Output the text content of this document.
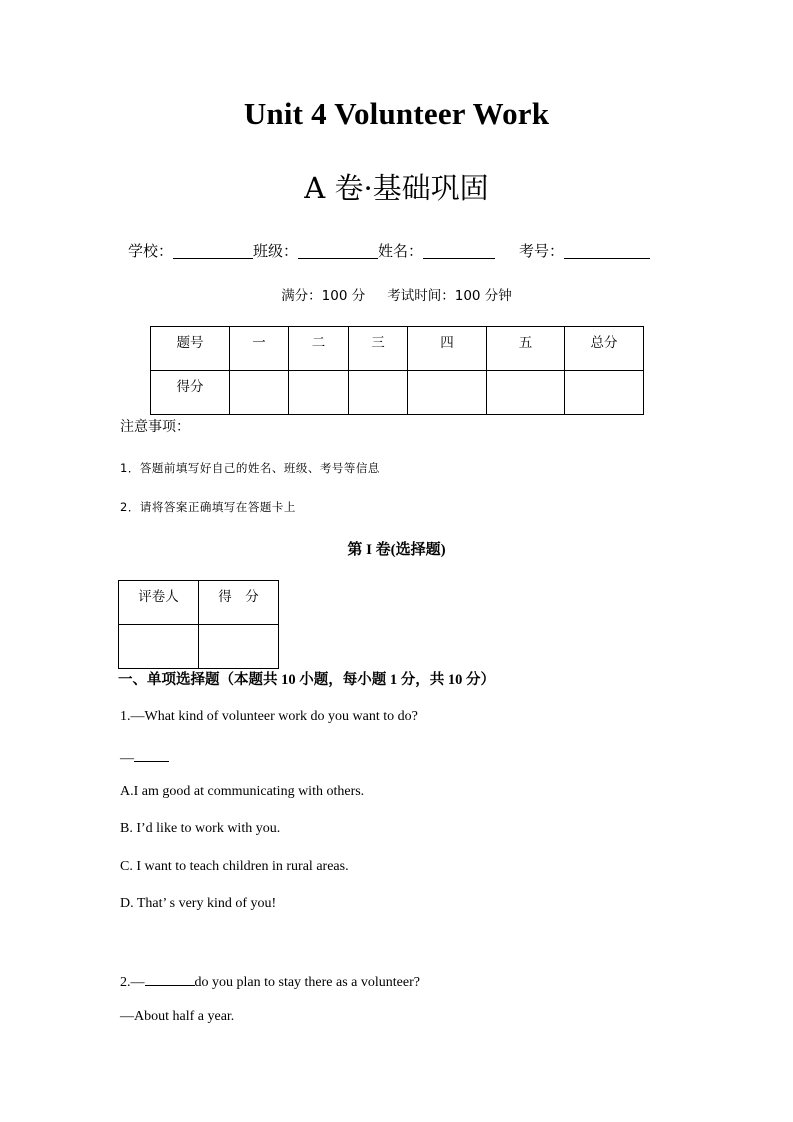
Unit 4 Volunteer Work
A 卷·基础巩固
学校：	班级：	姓名：	考号：
满分：100 分 考试时间：100 分钟
题号	一	二	三	四	五	总分
得分						
注意事项：
1．答题前填写好自己的姓名、班级、考号等信息
2．请将答案正确填写在答题卡上
第 I 卷(选择题)
评卷人	得　分

一、单项选择题（本题共 10 小题，每小题 1 分，共 10 分）
1.—What kind of volunteer work do you want to do?
—
A.I am good at communicating with others.
B. I’d like to work with you.
C. I want to teach children in rural areas.
D. That’ s very kind of you!
2.—	do you plan to stay there as a volunteer?
—About half a year.
